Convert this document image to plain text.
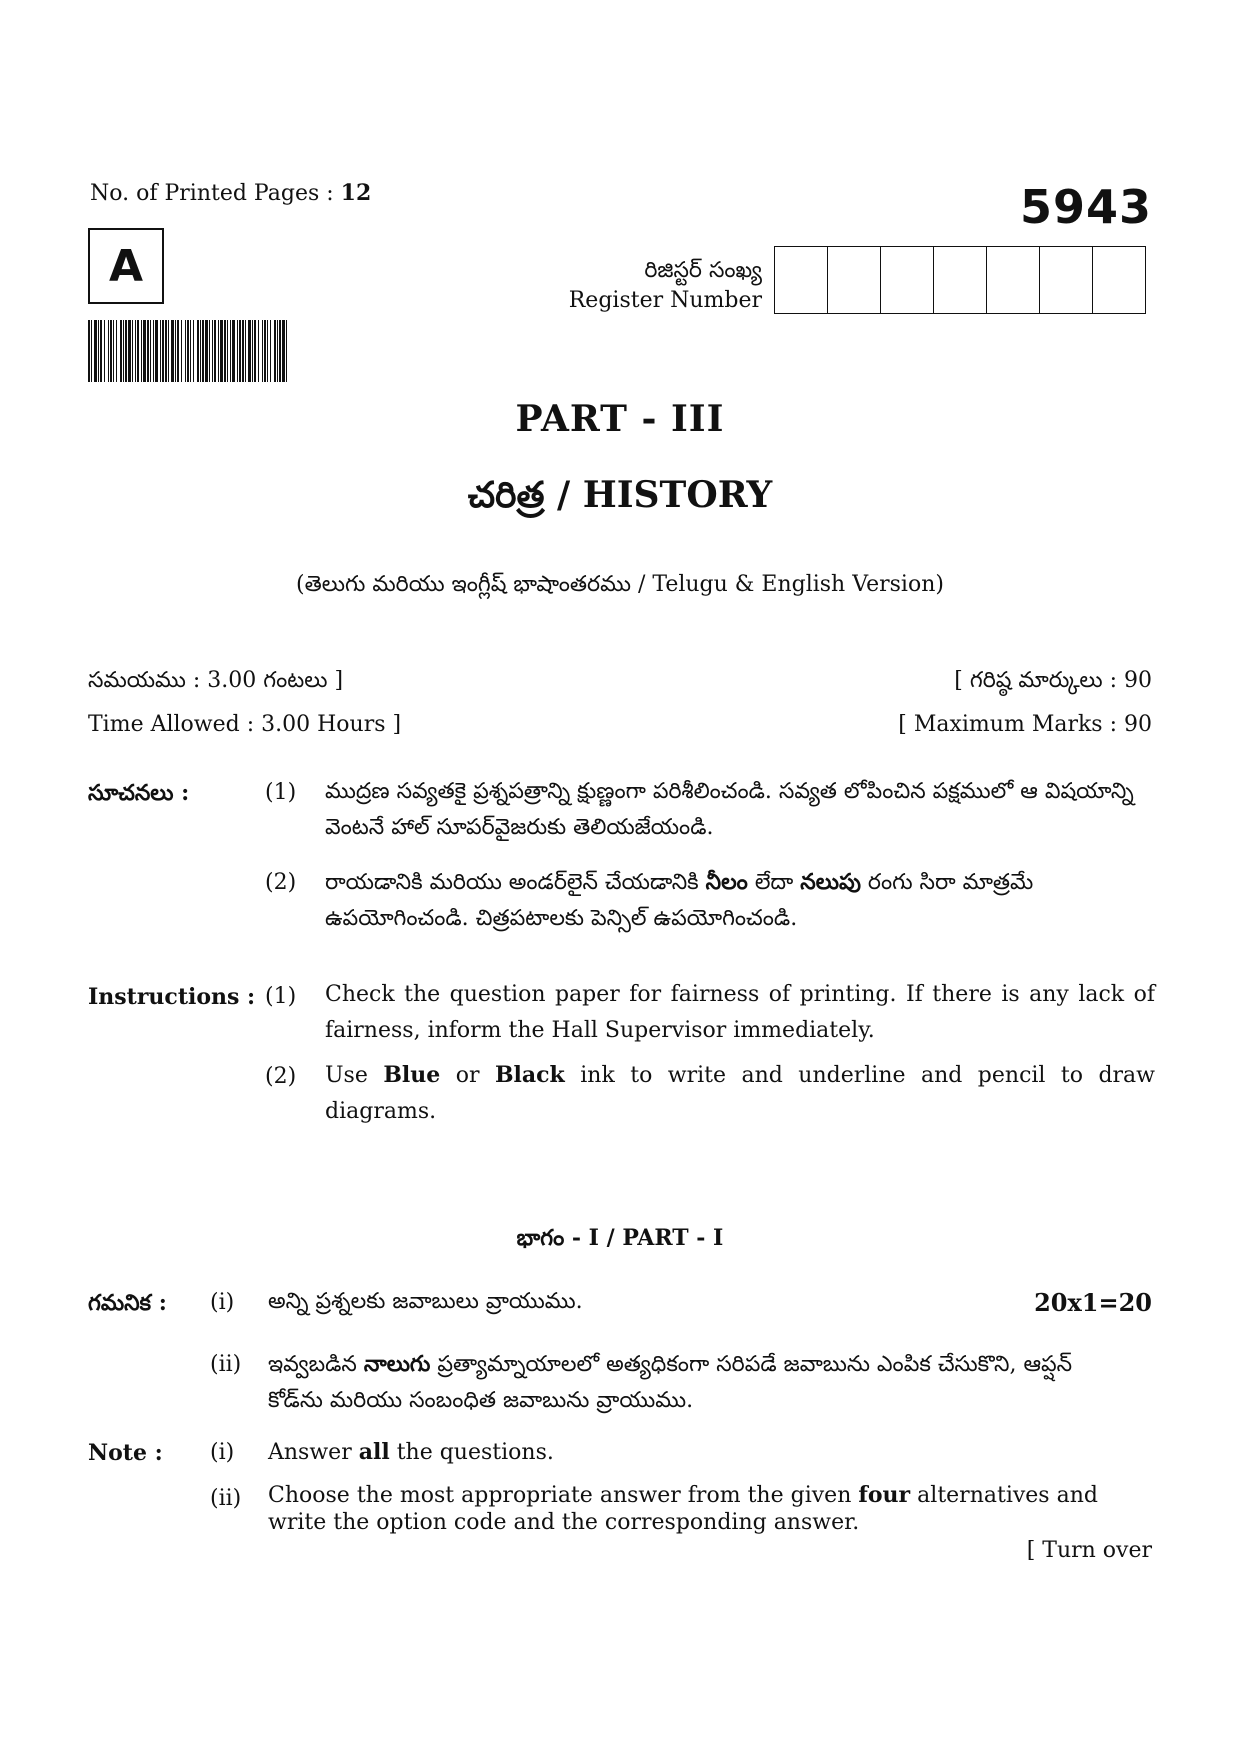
No. of Printed Pages : 12	5943
A	రిజిస్టర్ సంఖ్య
Register Number
PART - III
చరిత్ర / HISTORY
(తెలుగు మరియు ఇంగ్లీష్ భాషాంతరము / Telugu & English Version)
సమయము : 3.00 గంటలు ]	[ గరిష్ఠ మార్కులు : 90
Time Allowed : 3.00 Hours ]	[ Maximum Marks : 90
సూచనలు :	(1) ముద్రణ సవ్యతకై ప్రశ్నపత్రాన్ని క్షుణ్ణంగా పరిశీలించండి. సవ్యత లోపించిన పక్షములో ఆ విషయాన్ని వెంటనే హాల్ సూపర్‌వైజరుకు తెలియజేయండి.
(2) రాయడానికి మరియు అండర్‌లైన్ చేయడానికి నీలం లేదా నలుపు రంగు సిరా మాత్రమే ఉపయోగించండి. చిత్రపటాలకు పెన్సిల్ ఉపయోగించండి.
Instructions : (1) Check the question paper for fairness of printing. If there is any lack of fairness, inform the Hall Supervisor immediately.
(2) Use Blue or Black ink to write and underline and pencil to draw diagrams.
భాగం - I / PART - I
గమనిక : (i) అన్ని ప్రశ్నలకు జవాబులు వ్రాయుము.	20x1=20
(ii) ఇవ్వబడిన నాలుగు ప్రత్యామ్నాయాలలో అత్యధికంగా సరిపడే జవాబును ఎంపిక చేసుకొని, ఆప్షన్ కోడ్‌ను మరియు సంబంధిత జవాబును వ్రాయుము.
Note : (i) Answer all the questions.
(ii) Choose the most appropriate answer from the given four alternatives and write the option code and the corresponding answer.
[ Turn over
